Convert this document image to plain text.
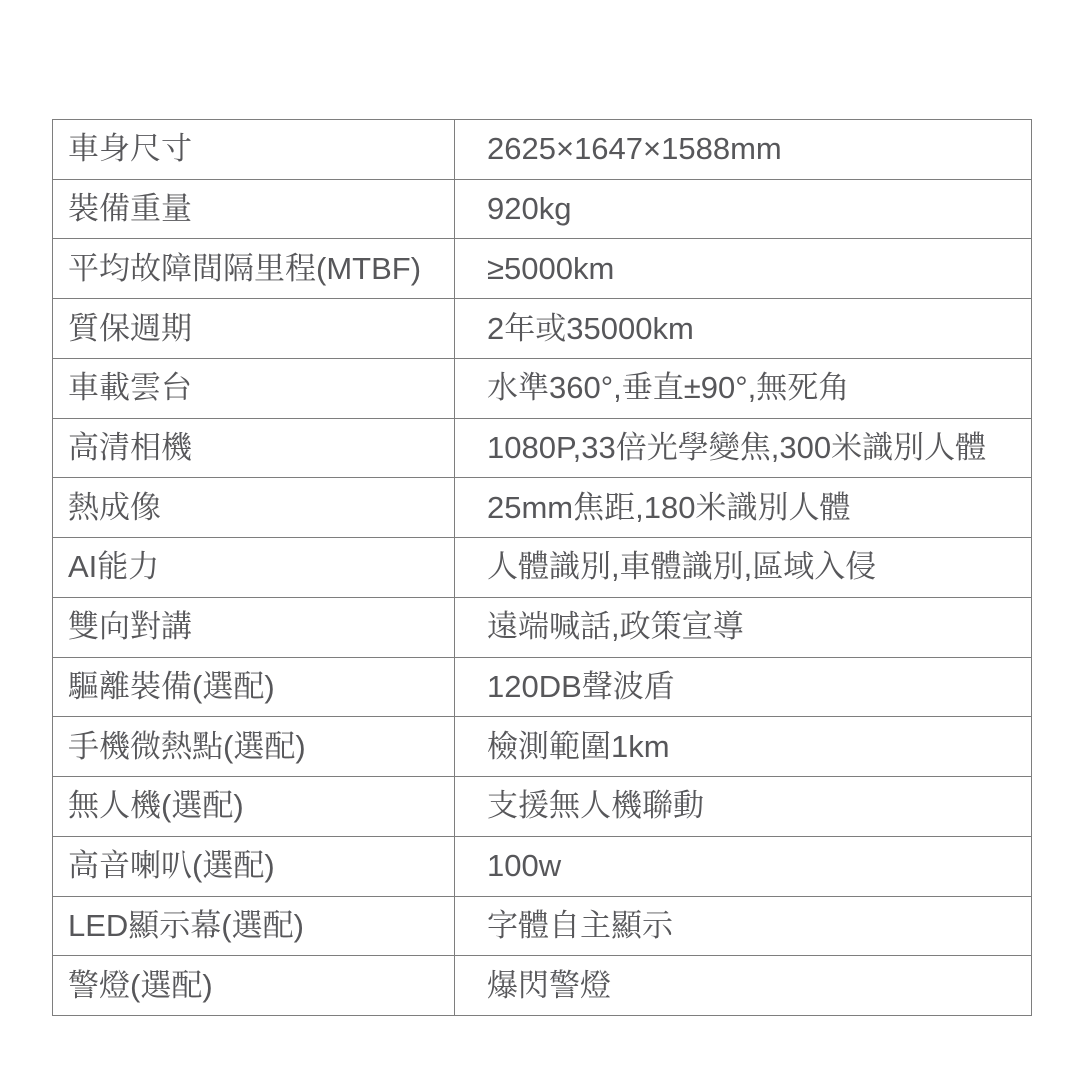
車身尺寸	2625×1647×1588mm
裝備重量	920kg
平均故障間隔里程(MTBF)	≥5000km
質保週期	2年或35000km
車載雲台	水準360°,垂直±90°,無死角
高清相機	1080P,33倍光學變焦,300米識別人體
熱成像	25mm焦距,180米識別人體
AI能力	人體識別,車體識別,區域入侵
雙向對講	遠端喊話,政策宣導
驅離裝備(選配)	120DB聲波盾
手機微熱點(選配)	檢測範圍1km
無人機(選配)	支援無人機聯動
高音喇叭(選配)	100w
LED顯示幕(選配)	字體自主顯示
警燈(選配)	爆閃警燈
